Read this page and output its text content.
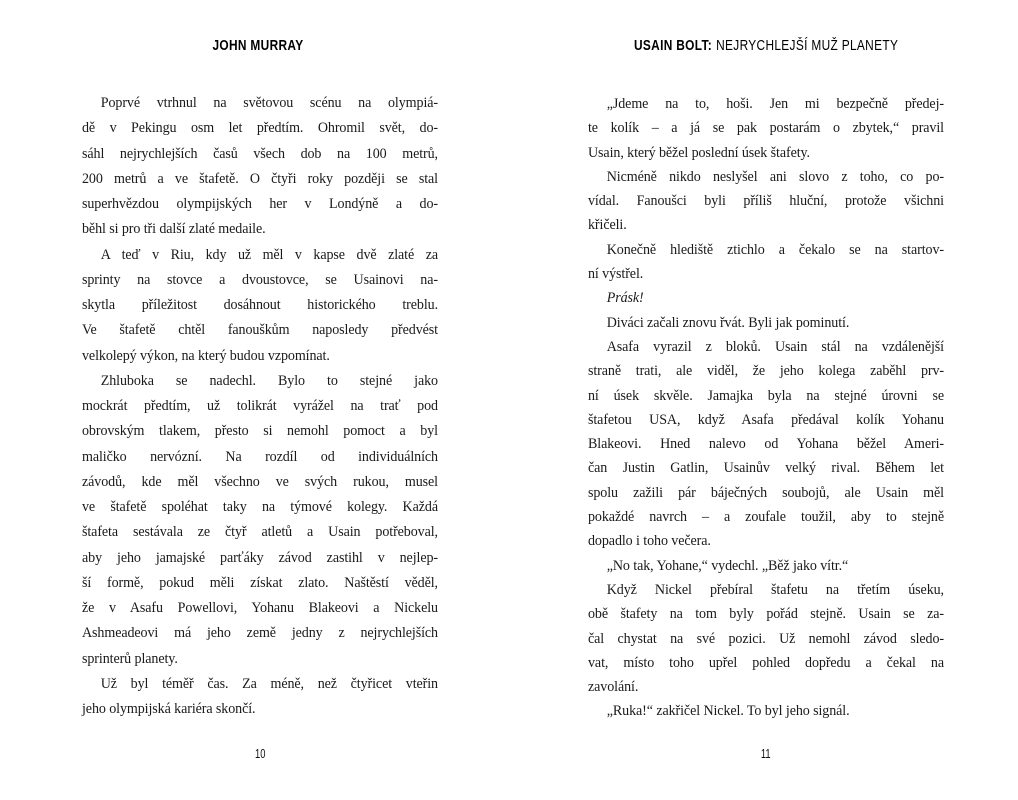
JOHN MURRAY
Poprvé vtrhnul na světovou scénu na olympiá-
dě v Pekingu osm let předtím. Ohromil svět, do-
sáhl nejrychlejších časů všech dob na 100 metrů,
200 metrů a ve štafetě. O čtyři roky později se stal
superhvězdou olympijských her v Londýně a do-
běhl si pro tři další zlaté medaile.
A teď v Riu, kdy už měl v kapse dvě zlaté za
sprinty na stovce a dvoustovce, se Usainovi na-
skytla příležitost dosáhnout historického treblu.
Ve štafetě chtěl fanouškům naposledy předvést
velkolepý výkon, na který budou vzpomínat.
Zhluboka se nadechl. Bylo to stejné jako
mockrát předtím, už tolikrát vyrážel na trať pod
obrovským tlakem, přesto si nemohl pomoct a byl
maličko nervózní. Na rozdíl od individuálních
závodů, kde měl všechno ve svých rukou, musel
ve štafetě spoléhat taky na týmové kolegy. Každá
štafeta sestávala ze čtyř atletů a Usain potřeboval,
aby jeho jamajské parťáky závod zastihl v nejlep-
ší formě, pokud měli získat zlato. Naštěstí věděl,
že v Asafu Powellovi, Yohanu Blakeovi a Nickelu
Ashmeadeovi má jeho země jedny z nejrychlejších
sprinterů planety.
Už byl téměř čas. Za méně, než čtyřicet vteřin
jeho olympijská kariéra skončí.
10
USAIN BOLT: NEJRYCHLEJŠÍ MUŽ PLANETY
„Jdeme na to, hoši. Jen mi bezpečně předej-
te kolík – a já se pak postarám o zbytek,“ pravil
Usain, který běžel poslední úsek štafety.
Nicméně nikdo neslyšel ani slovo z toho, co po-
vídal. Fanoušci byli příliš hluční, protože všichni
křičeli.
Konečně hlediště ztichlo a čekalo se na startov-
ní výstřel.
Prásk!
Diváci začali znovu řvát. Byli jak pominutí.
Asafa vyrazil z bloků. Usain stál na vzdálenější
straně trati, ale viděl, že jeho kolega zaběhl prv-
ní úsek skvěle. Jamajka byla na stejné úrovni se
štafetou USA, když Asafa předával kolík Yohanu
Blakeovi. Hned nalevo od Yohana běžel Ameri-
čan Justin Gatlin, Usainův velký rival. Během let
spolu zažili pár báječných soubojů, ale Usain měl
pokaždé navrch – a zoufale toužil, aby to stejně
dopadlo i toho večera.
„No tak, Yohane,“ vydechl. „Běž jako vítr.“
Když Nickel přebíral štafetu na třetím úseku,
obě štafety na tom byly pořád stejně. Usain se za-
čal chystat na své pozici. Už nemohl závod sledo-
vat, místo toho upřel pohled dopředu a čekal na
zavolání.
„Ruka!“ zakřičel Nickel. To byl jeho signál.
11
